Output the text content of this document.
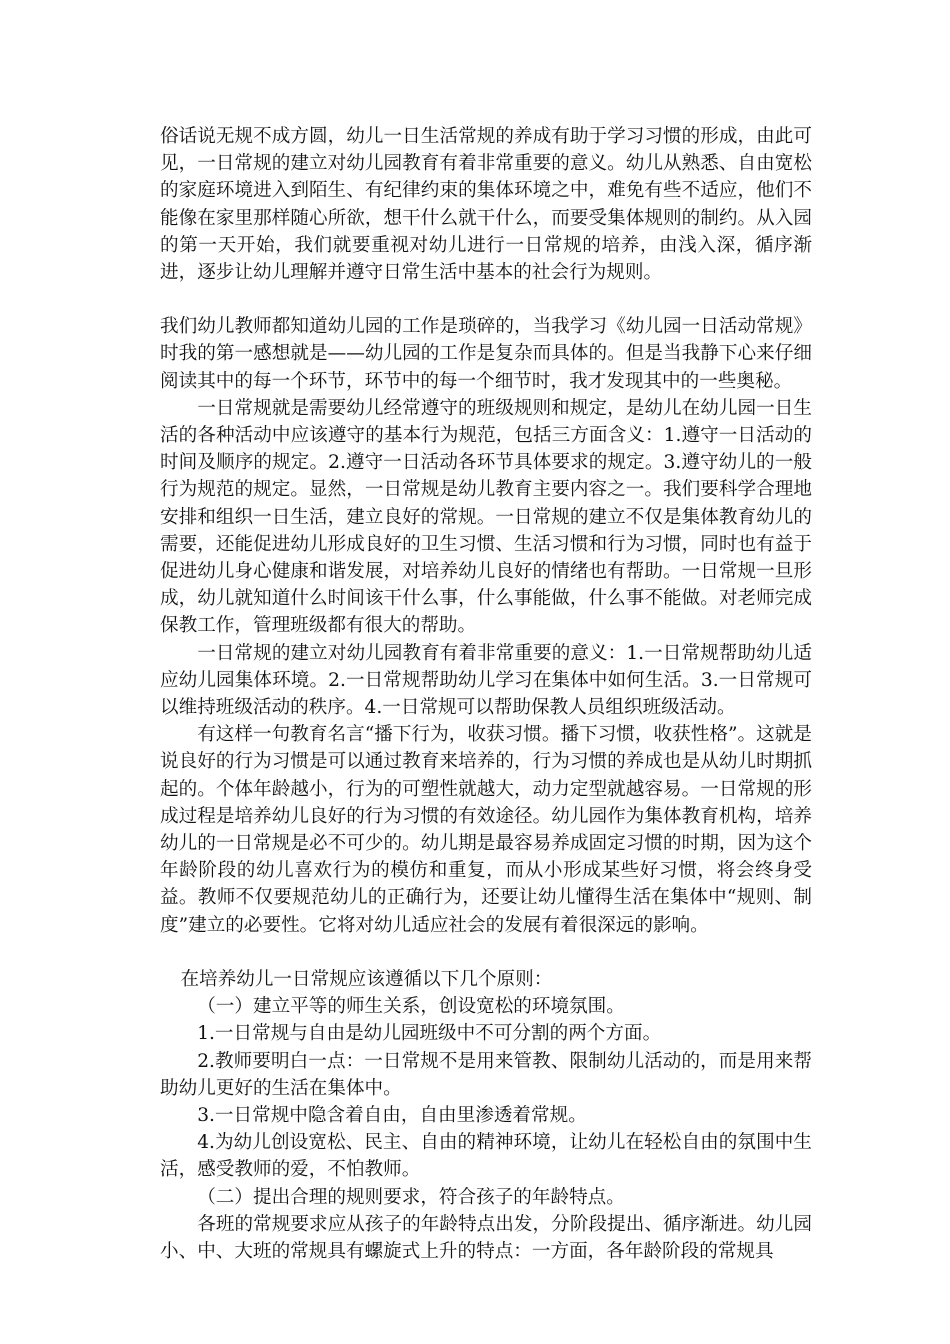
俗话说无规不成方圆，幼儿一日生活常规的养成有助于学习习惯的形成，由此可见，一日常规的建立对幼儿园教育有着非常重要的意义。幼儿从熟悉、自由宽松的家庭环境进入到陌生、有纪律约束的集体环境之中，难免有些不适应，他们不能像在家里那样随心所欲，想干什么就干什么，而要受集体规则的制约。从入园的第一天开始，我们就要重视对幼儿进行一日常规的培养，由浅入深，循序渐进，逐步让幼儿理解并遵守日常生活中基本的社会行为规则。

我们幼儿教师都知道幼儿园的工作是琐碎的，当我学习《幼儿园一日活动常规》时我的第一感想就是——幼儿园的工作是复杂而具体的。但是当我静下心来仔细阅读其中的每一个环节，环节中的每一个细节时，我才发现其中的一些奥秘。

一日常规就是需要幼儿经常遵守的班级规则和规定，是幼儿在幼儿园一日生活的各种活动中应该遵守的基本行为规范，包括三方面含义：1.遵守一日活动的时间及顺序的规定。2.遵守一日活动各环节具体要求的规定。3.遵守幼儿的一般行为规范的规定。显然，一日常规是幼儿教育主要内容之一。我们要科学合理地安排和组织一日生活，建立良好的常规。一日常规的建立不仅是集体教育幼儿的需要，还能促进幼儿形成良好的卫生习惯、生活习惯和行为习惯，同时也有益于促进幼儿身心健康和谐发展，对培养幼儿良好的情绪也有帮助。一日常规一旦形成，幼儿就知道什么时间该干什么事，什么事能做，什么事不能做。对老师完成保教工作，管理班级都有很大的帮助。

一日常规的建立对幼儿园教育有着非常重要的意义：1.一日常规帮助幼儿适应幼儿园集体环境。2.一日常规帮助幼儿学习在集体中如何生活。3.一日常规可以维持班级活动的秩序。4.一日常规可以帮助保教人员组织班级活动。

有这样一句教育名言“播下行为，收获习惯。播下习惯，收获性格”。这就是说良好的行为习惯是可以通过教育来培养的，行为习惯的养成也是从幼儿时期抓起的。个体年龄越小，行为的可塑性就越大，动力定型就越容易。一日常规的形成过程是培养幼儿良好的行为习惯的有效途径。幼儿园作为集体教育机构，培养幼儿的一日常规是必不可少的。幼儿期是最容易养成固定习惯的时期，因为这个年龄阶段的幼儿喜欢行为的模仿和重复，而从小形成某些好习惯，将会终身受益。教师不仅要规范幼儿的正确行为，还要让幼儿懂得生活在集体中“规则、制度”建立的必要性。它将对幼儿适应社会的发展有着很深远的影响。

在培养幼儿一日常规应该遵循以下几个原则：

（一）建立平等的师生关系，创设宽松的环境氛围。

1.一日常规与自由是幼儿园班级中不可分割的两个方面。

2.教师要明白一点：一日常规不是用来管教、限制幼儿活动的，而是用来帮助幼儿更好的生活在集体中。

3.一日常规中隐含着自由，自由里渗透着常规。

4.为幼儿创设宽松、民主、自由的精神环境，让幼儿在轻松自由的氛围中生活，感受教师的爱，不怕教师。

（二）提出合理的规则要求，符合孩子的年龄特点。

各班的常规要求应从孩子的年龄特点出发，分阶段提出、循序渐进。幼儿园小、中、大班的常规具有螺旋式上升的特点：一方面，各年龄阶段的常规具
